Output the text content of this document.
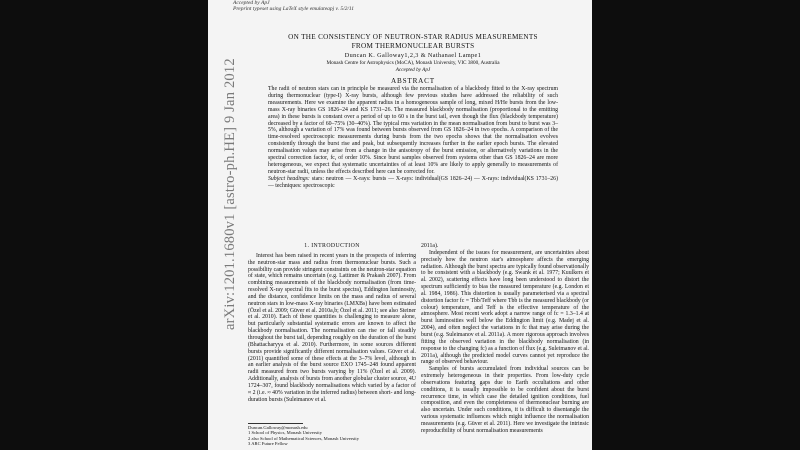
Accepted by ApJ
Preprint typeset using LaTeX style emulateapj v. 5/2/11
arXiv:1201.1680v1 [astro-ph.HE] 9 Jan 2012
ON THE CONSISTENCY OF NEUTRON-STAR RADIUS MEASUREMENTS
FROM THERMONUCLEAR BURSTS
Duncan K. Galloway1,2,3 & Nathanael Lampe1
Monash Centre for Astrophysics (MoCA), Monash University, VIC 3800, Australia
Accepted by ApJ
ABSTRACT
The radii of neutron stars can in principle be measured via the normalisation of a blackbody fitted to the X-ray spectrum during thermonuclear (type-I) X-ray bursts, although few previous studies have addressed the reliability of such measurements. Here we examine the apparent radius in a homogeneous sample of long, mixed H/He bursts from the low-mass X-ray binaries GS 1826–24 and KS 1731–26. The measured blackbody normalisation (proportional to the emitting area) in these bursts is constant over a period of up to 60 s in the burst tail, even though the flux (blackbody temperature) decreased by a factor of 60–75% (30–40%). The typical rms variation in the mean normalisation from burst to burst was 3–5%, although a variation of 17% was found between bursts observed from GS 1826–24 in two epochs. A comparison of the time-resolved spectroscopic measurements during bursts from the two epochs shows that the normalisation evolves consistently through the burst rise and peak, but subsequently increases further in the earlier epoch bursts. The elevated normalisation values may arise from a change in the anisotropy of the burst emission, or alternatively variations in the spectral correction factor, fc, of order 10%. Since burst samples observed from systems other than GS 1826–24 are more heterogeneous, we expect that systematic uncertainties of at least 10% are likely to apply generally to measurements of neutron-star radii, unless the effects described here can be corrected for.
Subject headings: stars: neutron — X-rays: bursts — X-rays: individual(GS 1826–24) — X-rays: individual(KS 1731–26) — techniques: spectroscopic
1. INTRODUCTION

Interest has been raised in recent years in the prospects of inferring the neutron-star mass and radius from thermonuclear bursts. Such a possibility can provide stringent constraints on the neutron-star equation of state, which remains uncertain (e.g. Lattimer & Prakash 2007). From combining measurements of the blackbody normalisation (from time-resolved X-ray spectral fits to the burst spectra), Eddington luminosity, and the distance, confidence limits on the mass and radius of several neutron stars in low-mass X-ray binaries (LMXBs) have been estimated (Özel et al. 2009; Güver et al. 2010a,b; Özel et al. 2011; see also Steiner et al. 2010). Each of these quantities is challenging to measure alone, but particularly substantial systematic errors are known to affect the blackbody normalisation. The normalisation can rise or fall steadily throughout the burst tail, depending roughly on the duration of the burst (Bhattacharyya et al. 2010). Furthermore, in some sources different bursts provide significantly different normalisation values. Güver et al. (2011) quantified some of these effects at the 3–7% level, although in an earlier analysis of the burst source EXO 1745–248 found apparent radii measured from two bursts varying by 11% (Özel et al. 2009). Additionally, analysis of bursts from another globular cluster source, 4U 1724–307, found blackbody normalisations which varied by a factor of ≈ 2 (i.e. ≈ 40% variation in the inferred radius) between short- and long-duration bursts (Suleimanov et al.

2011a).

Independent of the issues for measurement, are uncertainties about precisely how the neutron star's atmosphere affects the emerging radiation. Although the burst spectra are typically found observationally to be consistent with a blackbody (e.g. Swank et al. 1977; Kuulkers et al. 2002), scattering effects have long been understood to distort the spectrum sufficiently to bias the measured temperature (e.g. London et al. 1984, 1986). This distortion is usually parameterised via a spectral distortion factor fc = Tbb/Teff where Tbb is the measured blackbody (or colour) temperature, and Teff is the effective temperature of the atmosphere. Most recent work adopt a narrow range of fc = 1.3–1.4 at burst luminosities well below the Eddington limit (e.g. Madej et al. 2004), and often neglect the variations in fc that may arise during the burst (e.g. Suleimanov et al. 2011a). A more rigorous approach involves fitting the observed variation in the blackbody normalisation (in response to the changing fc) as a function of flux (e.g. Suleimanov et al. 2011a), although the predicted model curves cannot yet reproduce the range of observed behaviour.

Samples of bursts accumulated from individual sources can be extremely heterogeneous in their properties. From low-duty cycle observations featuring gaps due to Earth occultations and other conditions, it is usually impossible to be confident about the burst recurrence time, in which case the detailed ignition conditions, fuel composition, and even the completeness of thermonuclear burning are also uncertain. Under such conditions, it is difficult to disentangle the various systematic influences which might influence the normalisation measurements (e.g. Güver et al. 2011). Here we investigate the intrinsic reproducibility of burst normalisation measurements

Duncan.Galloway@monash.edu
1 School of Physics, Monash University
2 also School of Mathematical Sciences, Monash University
3 ARC Future Fellow
